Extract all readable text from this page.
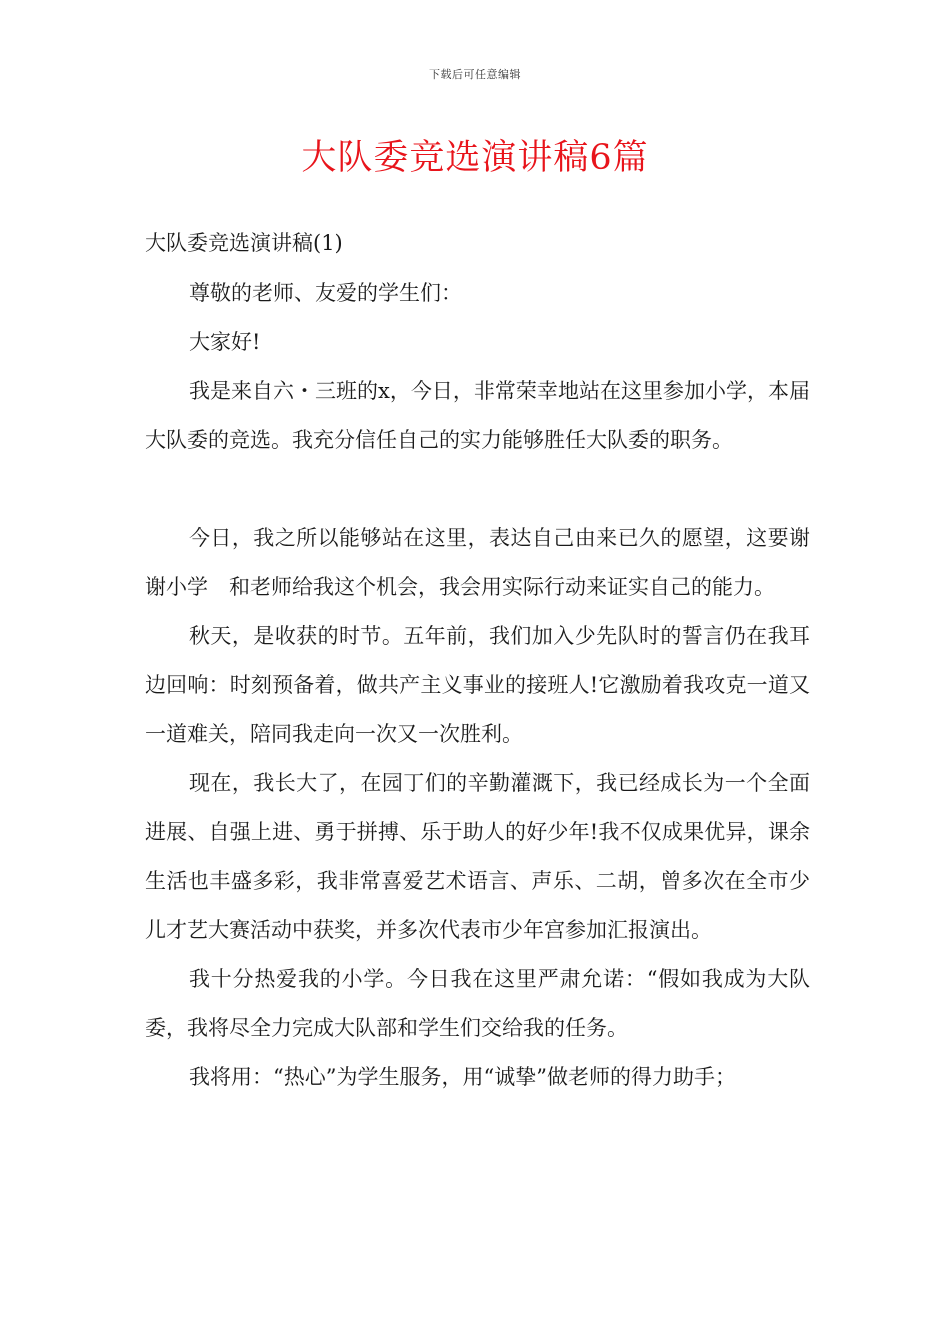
下载后可任意编辑
大队委竞选演讲稿6篇

大队委竞选演讲稿(1)

尊敬的老师、友爱的学生们：

大家好!

我是来自六・三班的x，今日，非常荣幸地站在这里参加小学，本届大队委的竞选。我充分信任自己的实力能够胜任大队委的职务。

今日，我之所以能够站在这里，表达自己由来已久的愿望，这要谢谢小学　和老师给我这个机会，我会用实际行动来证实自己的能力。

秋天，是收获的时节。五年前，我们加入少先队时的誓言仍在我耳边回响：时刻预备着，做共产主义事业的接班人!它激励着我攻克一道又一道难关，陪同我走向一次又一次胜利。

现在，我长大了，在园丁们的辛勤灌溉下，我已经成长为一个全面进展、自强上进、勇于拼搏、乐于助人的好少年!我不仅成果优异，课余生活也丰盛多彩，我非常喜爱艺术语言、声乐、二胡，曾多次在全市少儿才艺大赛活动中获奖，并多次代表市少年宫参加汇报演出。

我十分热爱我的小学。今日我在这里严肃允诺：“假如我成为大队委，我将尽全力完成大队部和学生们交给我的任务。

我将用：“热心”为学生服务，用“诚挚”做老师的得力助手；
